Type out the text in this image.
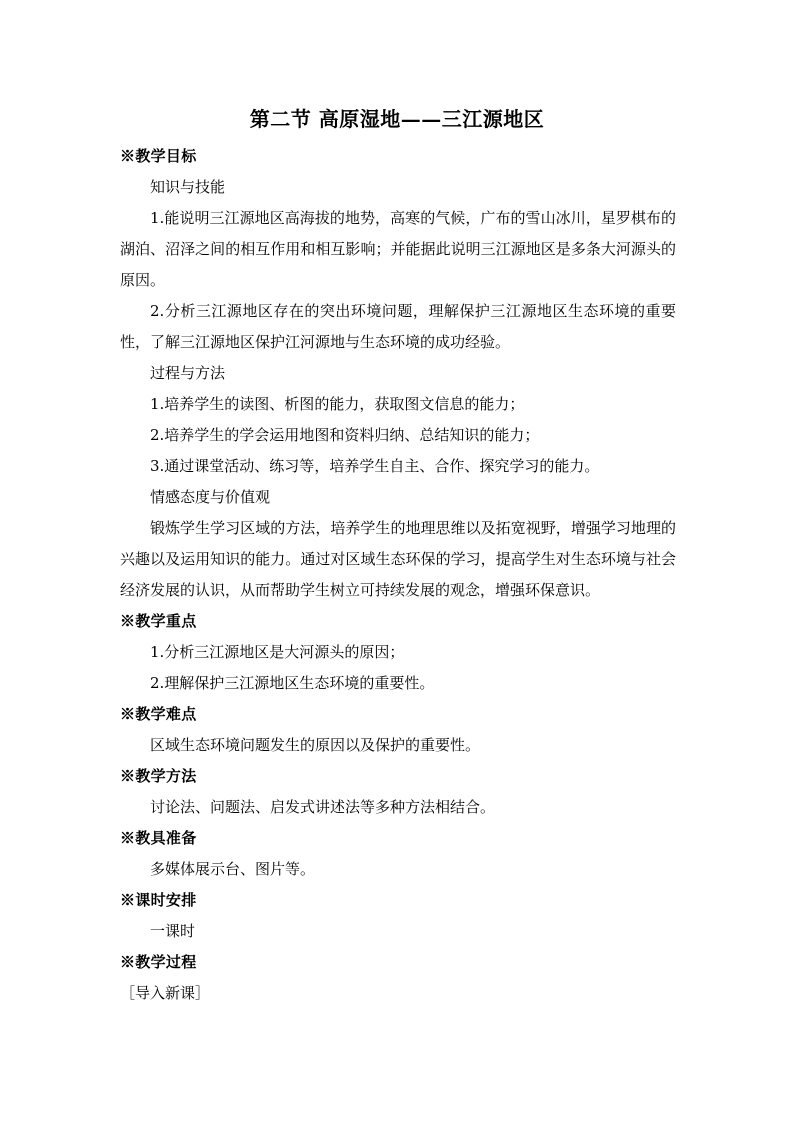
第二节 高原湿地——三江源地区

※教学目标

知识与技能

1.能说明三江源地区高海拔的地势，高寒的气候，广布的雪山冰川，星罗棋布的湖泊、沼泽之间的相互作用和相互影响；并能据此说明三江源地区是多条大河源头的原因。

2.分析三江源地区存在的突出环境问题，理解保护三江源地区生态环境的重要性，了解三江源地区保护江河源地与生态环境的成功经验。

过程与方法

1.培养学生的读图、析图的能力，获取图文信息的能力；

2.培养学生的学会运用地图和资料归纳、总结知识的能力；

3.通过课堂活动、练习等，培养学生自主、合作、探究学习的能力。

情感态度与价值观

锻炼学生学习区域的方法，培养学生的地理思维以及拓宽视野，增强学习地理的兴趣以及运用知识的能力。通过对区域生态环保的学习，提高学生对生态环境与社会经济发展的认识，从而帮助学生树立可持续发展的观念，增强环保意识。

※教学重点

1.分析三江源地区是大河源头的原因；

2.理解保护三江源地区生态环境的重要性。

※教学难点

区域生态环境问题发生的原因以及保护的重要性。

※教学方法

讨论法、问题法、启发式讲述法等多种方法相结合。

※教具准备

多媒体展示台、图片等。

※课时安排

一课时

※教学过程

［导入新课］
